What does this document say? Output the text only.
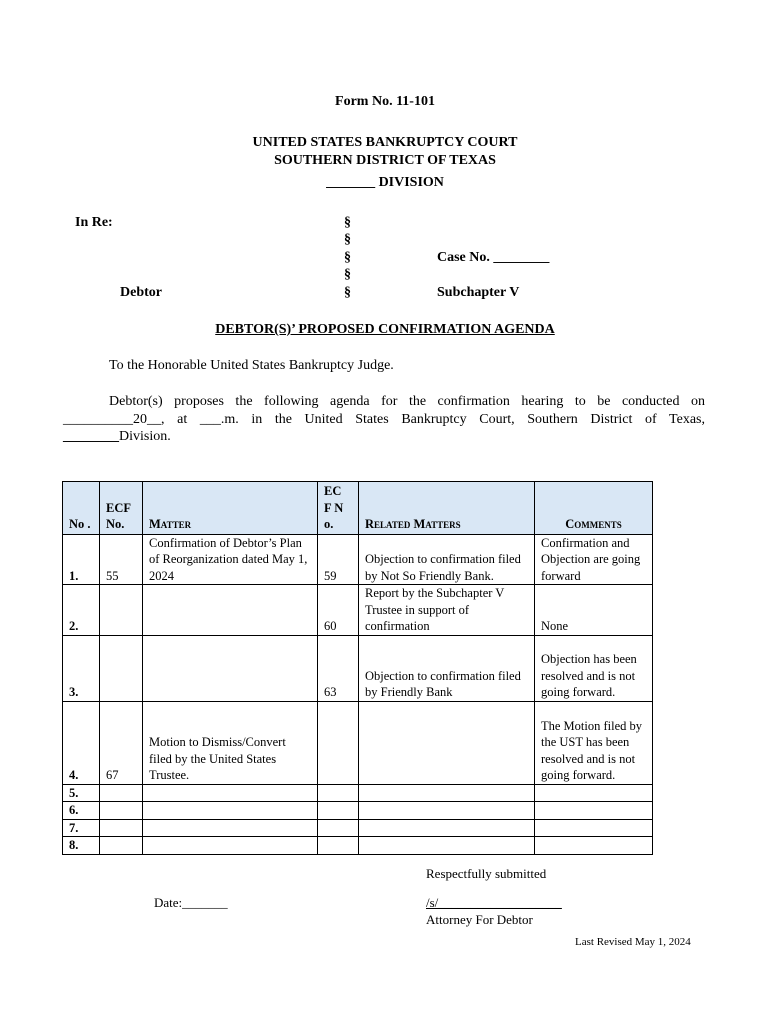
Form No. 11-101
UNITED STATES BANKRUPTCY COURT
SOUTHERN DISTRICT OF TEXAS
_______ DIVISION
In Re:
Debtor
§
§
§
§
§
Case No. ________
Subchapter V
DEBTOR(S)’ PROPOSED CONFIRMATION AGENDA
To the Honorable United States Bankruptcy Judge.
Debtor(s) proposes the following agenda for the confirmation hearing to be conducted on
__________20__, at ___.m. in the United States Bankruptcy Court, Southern District of Texas,
________Division.
No .	ECF No.	Matter	EC F No.	Related Matters	Comments
1.	55	Confirmation of Debtor’s Plan of Reorganization dated May 1, 2024	59	Objection to confirmation filed by Not So Friendly Bank.	Confirmation and Objection are going forward
2.			60	Report by the Subchapter V Trustee in support of confirmation	None
3.			63	Objection to confirmation filed by Friendly Bank	Objection has been resolved and is not going forward.
4.	67	Motion to Dismiss/Convert filed by the United States Trustee.			The Motion filed by the UST has been resolved and is not going forward.
5.					
6.					
7.					
8.					
Respectfully submitted
Date:_______	/s/___________________
Attorney For Debtor
Last Revised May 1, 2024
